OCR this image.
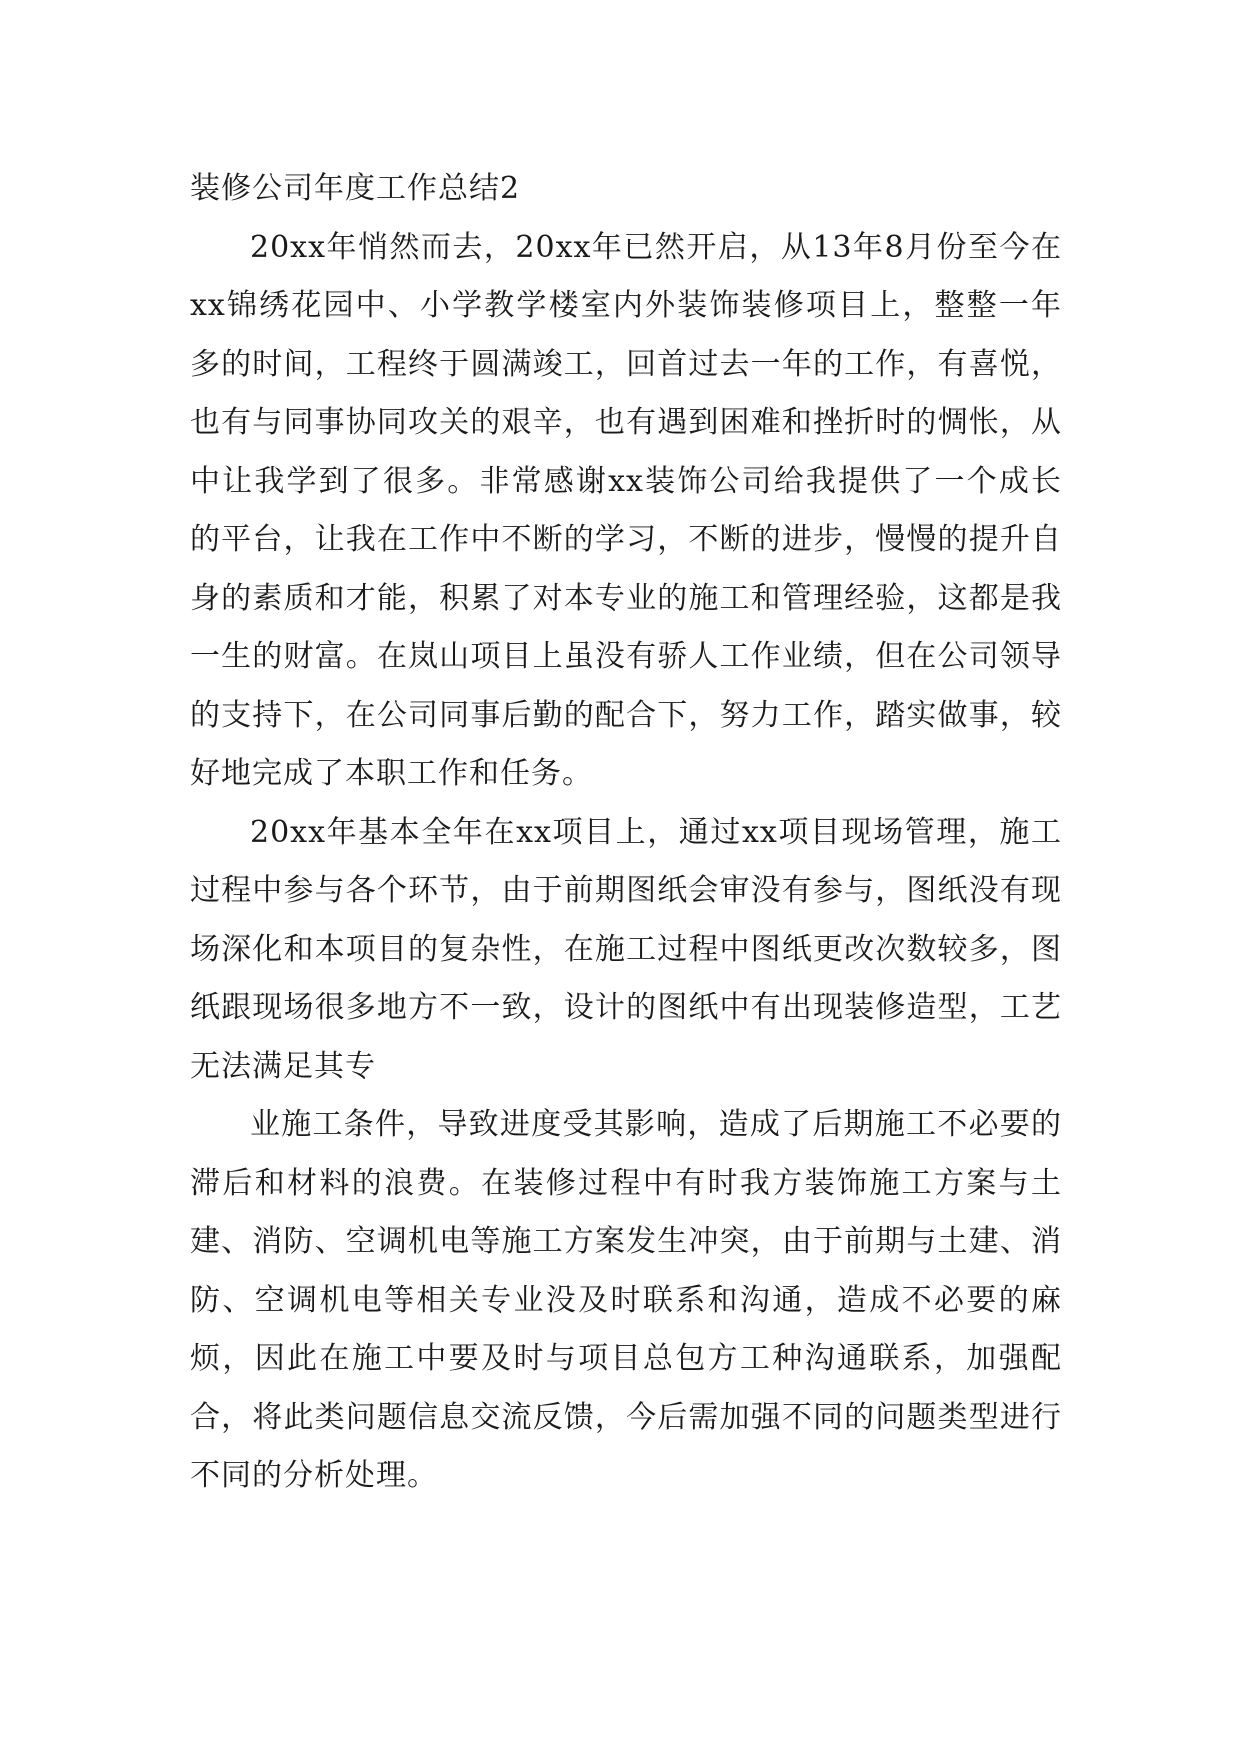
装修公司年度工作总结2

20xx年悄然而去，20xx年已然开启，从13年8月份至今在xx锦绣花园中、小学教学楼室内外装饰装修项目上，整整一年多的时间，工程终于圆满竣工，回首过去一年的工作，有喜悦，也有与同事协同攻关的艰辛，也有遇到困难和挫折时的惆怅，从中让我学到了很多。非常感谢xx装饰公司给我提供了一个成长的平台，让我在工作中不断的学习，不断的进步，慢慢的提升自身的素质和才能，积累了对本专业的施工和管理经验，这都是我一生的财富。在岚山项目上虽没有骄人工作业绩，但在公司领导的支持下，在公司同事后勤的配合下，努力工作，踏实做事，较好地完成了本职工作和任务。

20xx年基本全年在xx项目上，通过xx项目现场管理，施工过程中参与各个环节，由于前期图纸会审没有参与，图纸没有现场深化和本项目的复杂性，在施工过程中图纸更改次数较多，图纸跟现场很多地方不一致，设计的图纸中有出现装修造型，工艺无法满足其专

业施工条件，导致进度受其影响，造成了后期施工不必要的滞后和材料的浪费。在装修过程中有时我方装饰施工方案与土建、消防、空调机电等施工方案发生冲突，由于前期与土建、消防、空调机电等相关专业没及时联系和沟通，造成不必要的麻烦，因此在施工中要及时与项目总包方工种沟通联系，加强配合，将此类问题信息交流反馈，今后需加强不同的问题类型进行不同的分析处理。
